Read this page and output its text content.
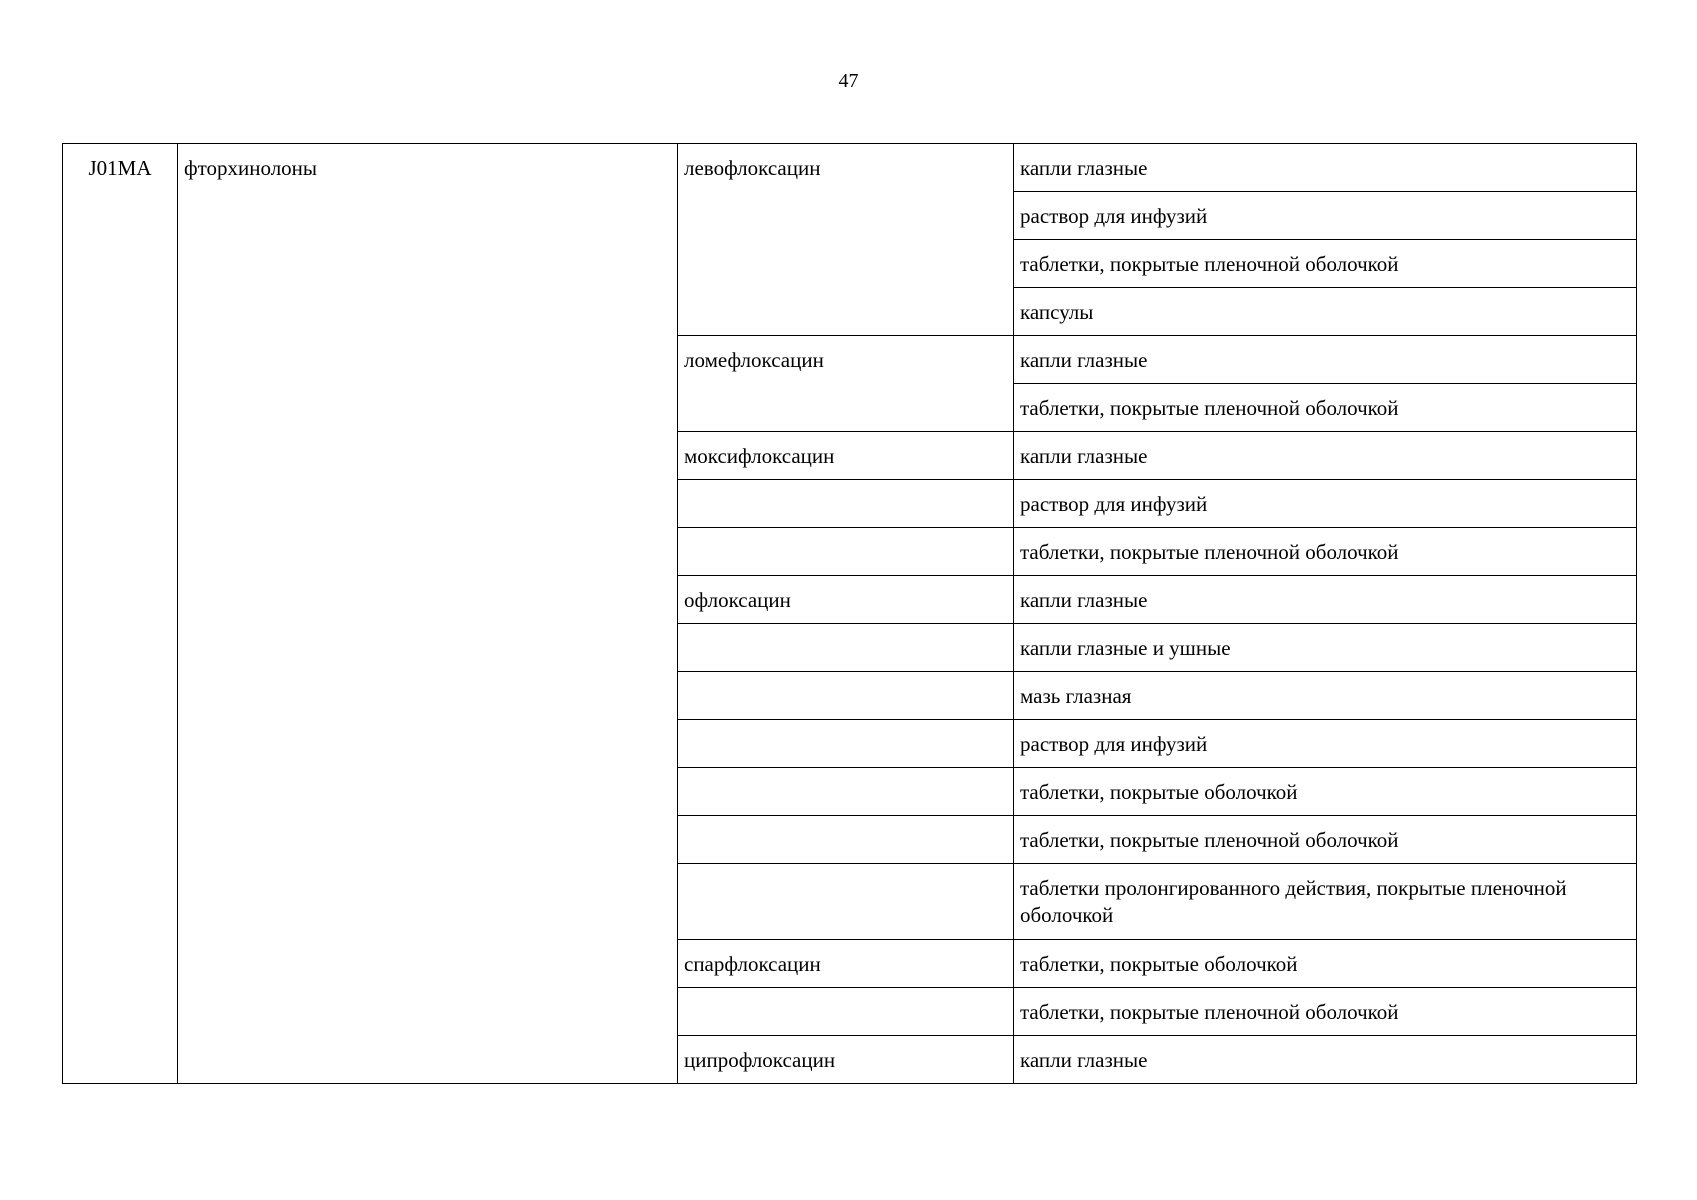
47
J01MA	фторхинолоны	левофлоксацин	капли глазные
			раствор для инфузий
			таблетки, покрытые пленочной оболочкой
			капсулы
		ломефлоксацин	капли глазные
			таблетки, покрытые пленочной оболочкой
		моксифлоксацин	капли глазные
			раствор для инфузий
			таблетки, покрытые пленочной оболочкой
		офлоксацин	капли глазные
			капли глазные и ушные
			мазь глазная
			раствор для инфузий
			таблетки, покрытые оболочкой
			таблетки, покрытые пленочной оболочкой
			таблетки пролонгированного действия, покрытые пленочной оболочкой
		спарфлоксацин	таблетки, покрытые оболочкой
			таблетки, покрытые пленочной оболочкой
		ципрофлоксацин	капли глазные
